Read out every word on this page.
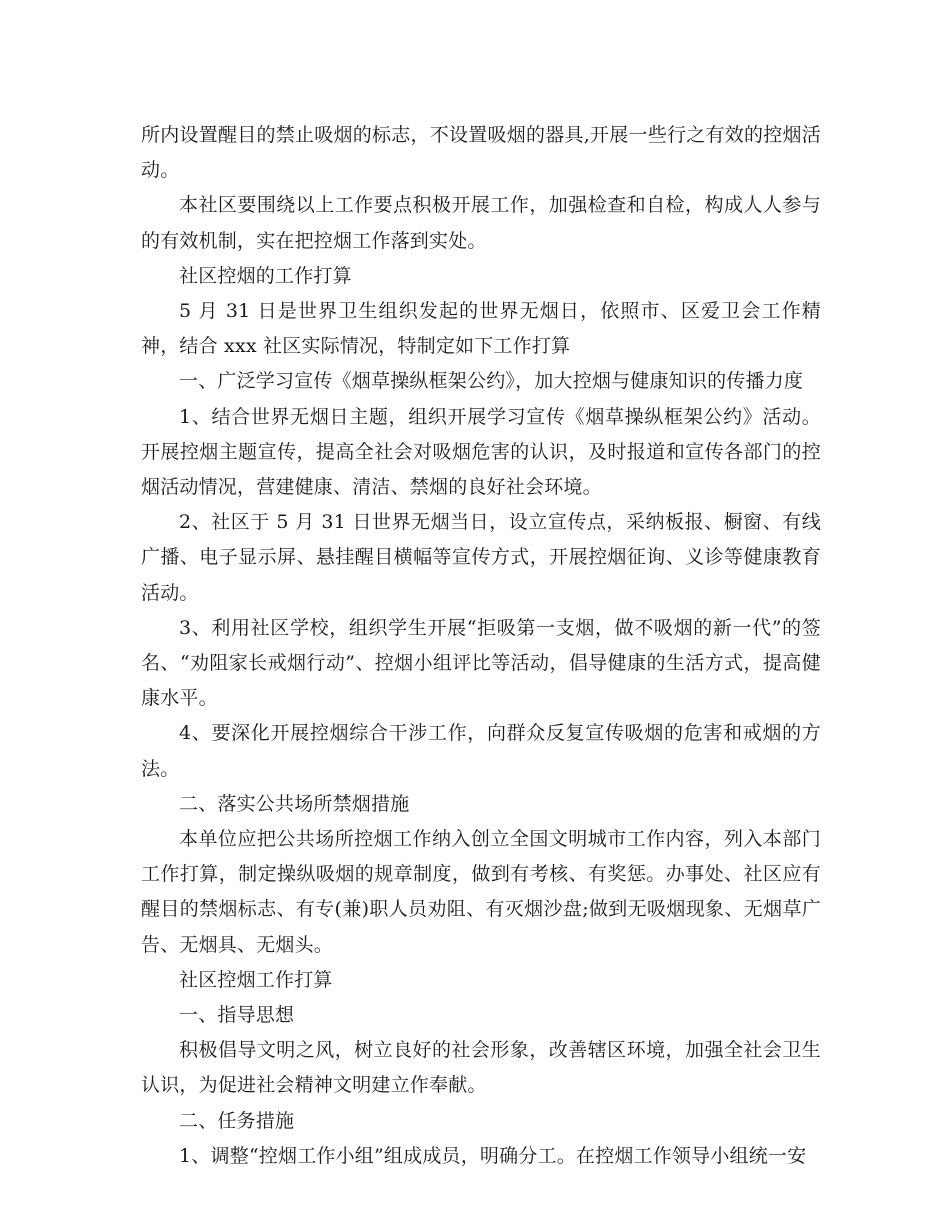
所内设置醒目的禁止吸烟的标志，不设置吸烟的器具,开展一些行之有效的控烟活动。

本社区要围绕以上工作要点积极开展工作，加强检查和自检，构成人人参与的有效机制，实在把控烟工作落到实处。

社区控烟的工作打算

5 月 31 日是世界卫生组织发起的世界无烟日，依照市、区爱卫会工作精神，结合 xxx 社区实际情况，特制定如下工作打算

一、广泛学习宣传《烟草操纵框架公约》，加大控烟与健康知识的传播力度

1、结合世界无烟日主题，组织开展学习宣传《烟草操纵框架公约》活动。开展控烟主题宣传，提高全社会对吸烟危害的认识，及时报道和宣传各部门的控烟活动情况，营建健康、清洁、禁烟的良好社会环境。

2、社区于 5 月 31 日世界无烟当日，设立宣传点，采纳板报、橱窗、有线广播、电子显示屏、悬挂醒目横幅等宣传方式，开展控烟征询、义诊等健康教育活动。

3、利用社区学校，组织学生开展“拒吸第一支烟，做不吸烟的新一代”的签名、“劝阻家长戒烟行动”、控烟小组评比等活动，倡导健康的生活方式，提高健康水平。

4、要深化开展控烟综合干涉工作，向群众反复宣传吸烟的危害和戒烟的方法。

二、落实公共场所禁烟措施

本单位应把公共场所控烟工作纳入创立全国文明城市工作内容，列入本部门工作打算，制定操纵吸烟的规章制度，做到有考核、有奖惩。办事处、社区应有醒目的禁烟标志、有专(兼)职人员劝阻、有灭烟沙盘;做到无吸烟现象、无烟草广告、无烟具、无烟头。

社区控烟工作打算

一、指导思想

积极倡导文明之风，树立良好的社会形象，改善辖区环境，加强全社会卫生认识，为促进社会精神文明建立作奉献。

二、任务措施

1、调整“控烟工作小组”组成成员，明确分工。在控烟工作领导小组统一安
